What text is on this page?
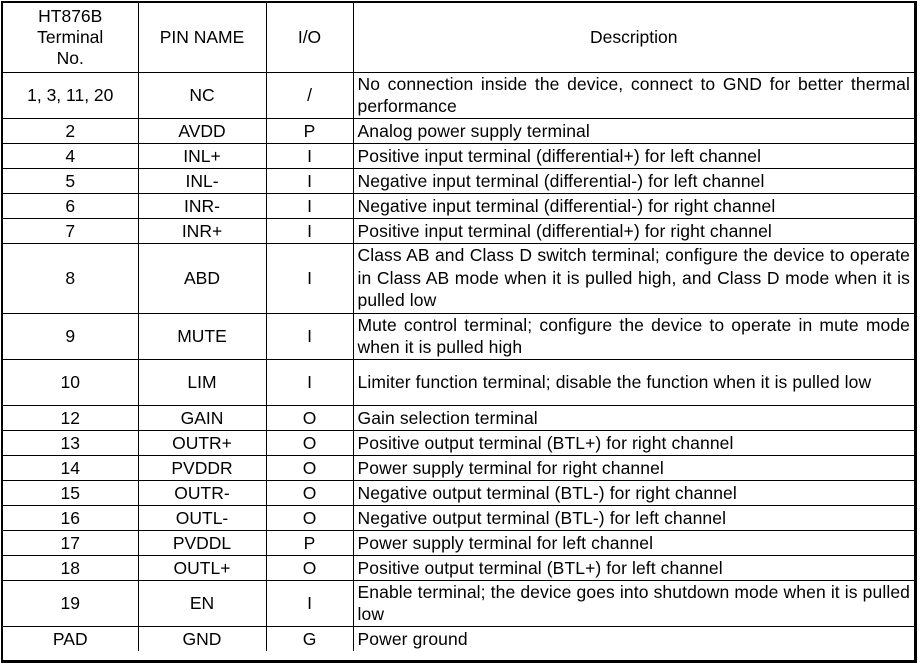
HT876B
Terminal
No.	PIN NAME	I/O	Description
1, 3, 11, 20	NC	/	No connection inside the device, connect to GND for better thermal performance
2	AVDD	P	Analog power supply terminal
4	INL+	I	Positive input terminal (differential+) for left channel
5	INL-	I	Negative input terminal (differential-) for left channel
6	INR-	I	Negative input terminal (differential-) for right channel
7	INR+	I	Positive input terminal (differential+) for right channel
8	ABD	I	Class AB and Class D switch terminal; configure the device to operate in Class AB mode when it is pulled high, and Class D mode when it is pulled low
9	MUTE	I	Mute control terminal; configure the device to operate in mute mode when it is pulled high
10	LIM	I	Limiter function terminal; disable the function when it is pulled low
12	GAIN	O	Gain selection terminal
13	OUTR+	O	Positive output terminal (BTL+) for right channel
14	PVDDR	O	Power supply terminal for right channel
15	OUTR-	O	Negative output terminal (BTL-) for right channel
16	OUTL-	O	Negative output terminal (BTL-) for left channel
17	PVDDL	P	Power supply terminal for left channel
18	OUTL+	O	Positive output terminal (BTL+) for left channel
19	EN	I	Enable terminal; the device goes into shutdown mode when it is pulled low
PAD	GND	G	Power ground
